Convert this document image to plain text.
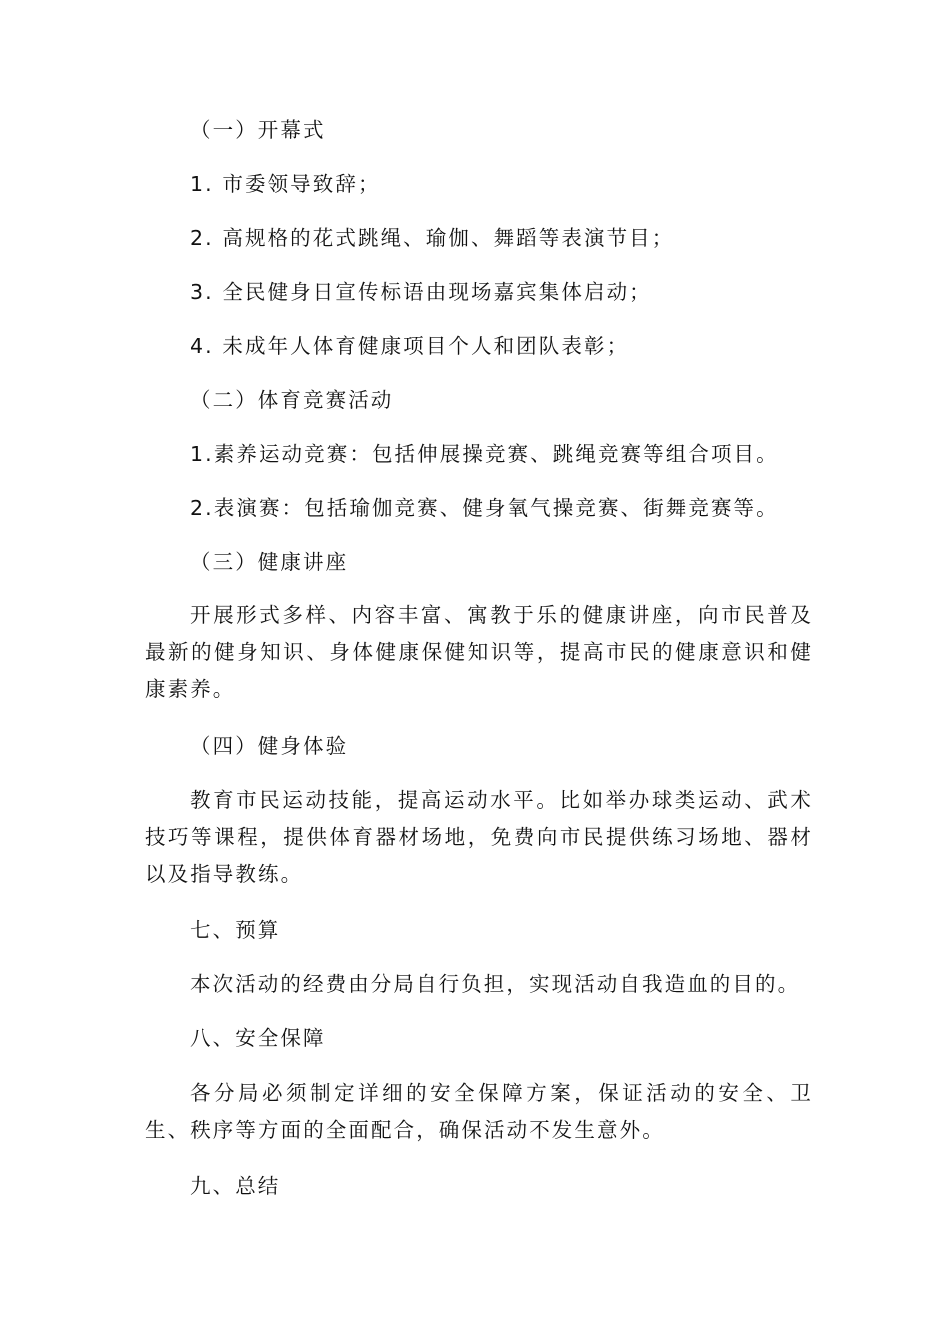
（一）开幕式
1. 市委领导致辞；
2. 高规格的花式跳绳、瑜伽、舞蹈等表演节目；
3. 全民健身日宣传标语由现场嘉宾集体启动；
4. 未成年人体育健康项目个人和团队表彰；
（二）体育竞赛活动
1.素养运动竞赛：包括伸展操竞赛、跳绳竞赛等组合项目。
2.表演赛：包括瑜伽竞赛、健身氧气操竞赛、街舞竞赛等。
（三）健康讲座
开展形式多样、内容丰富、寓教于乐的健康讲座，向市民普及最新的健身知识、身体健康保健知识等，提高市民的健康意识和健康素养。
（四）健身体验
教育市民运动技能，提高运动水平。比如举办球类运动、武术技巧等课程，提供体育器材场地，免费向市民提供练习场地、器材以及指导教练。
七、预算
本次活动的经费由分局自行负担，实现活动自我造血的目的。
八、安全保障
各分局必须制定详细的安全保障方案，保证活动的安全、卫生、秩序等方面的全面配合，确保活动不发生意外。
九、总结
